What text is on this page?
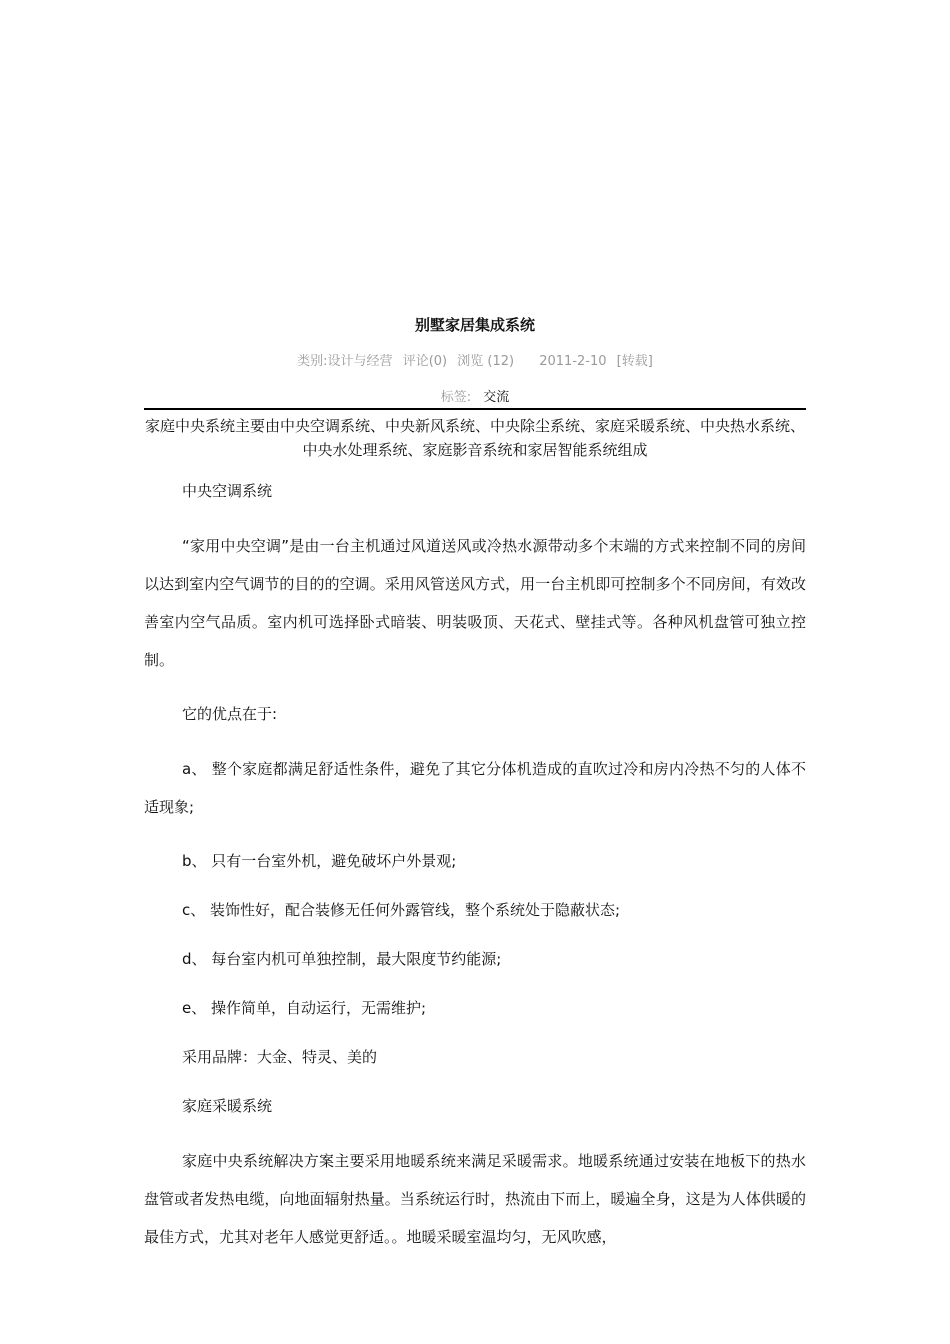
别墅家居集成系统
类别:设计与经营 评论(0) 浏览 (12) 2011-2-10 [转载]
标签: 交流
家庭中央系统主要由中央空调系统、中央新风系统、中央除尘系统、家庭采暖系统、中央热水系统、中央水处理系统、家庭影音系统和家居智能系统组成

中央空调系统

“家用中央空调”是由一台主机通过风道送风或冷热水源带动多个末端的方式来控制不同的房间以达到室内空气调节的目的的空调。采用风管送风方式，用一台主机即可控制多个不同房间，有效改善室内空气品质。室内机可选择卧式暗装、明装吸顶、天花式、壁挂式等。各种风机盘管可独立控制。

它的优点在于:

a、 整个家庭都满足舒适性条件，避免了其它分体机造成的直吹过冷和房内冷热不匀的人体不适现象;

b、 只有一台室外机，避免破坏户外景观;

c、 装饰性好，配合装修无任何外露管线，整个系统处于隐蔽状态;

d、 每台室内机可单独控制，最大限度节约能源;

e、 操作简单，自动运行，无需维护;

采用品牌：大金、特灵、美的

家庭采暖系统

家庭中央系统解决方案主要采用地暖系统来满足采暖需求。地暖系统通过安装在地板下的热水盘管或者发热电缆，向地面辐射热量。当系统运行时，热流由下而上，暖遍全身，这是为人体供暖的最佳方式，尤其对老年人感觉更舒适。。地暖采暖室温均匀，无风吹感，
